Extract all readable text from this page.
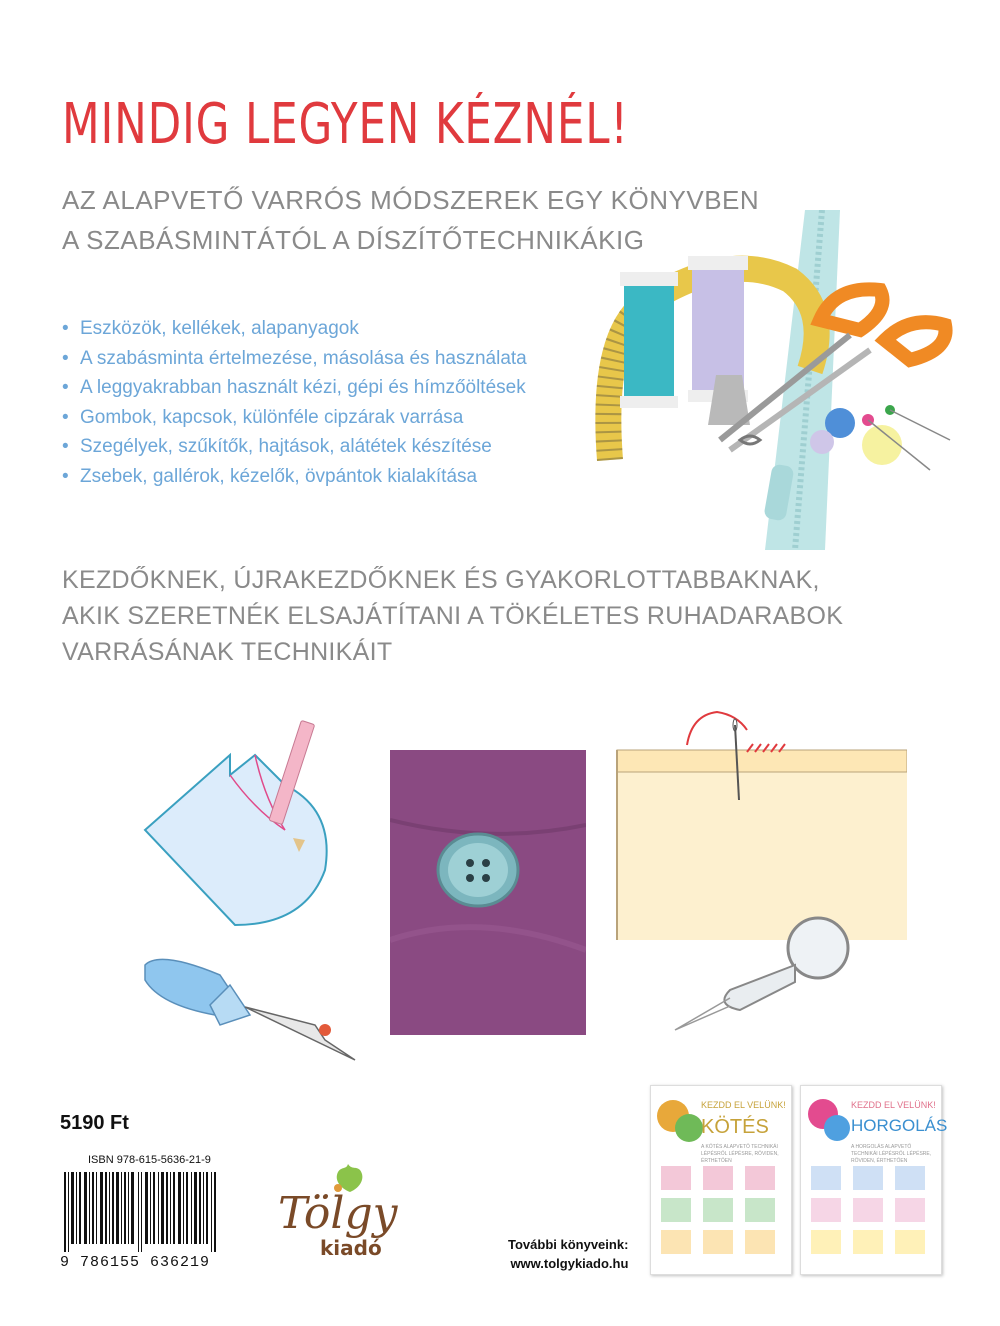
MINDIG LEGYEN KÉZNÉL!
AZ ALAPVETŐ VARRÓS MÓDSZEREK EGY KÖNYVBEN
A SZABÁSMINTÁTÓL A DÍSZÍTŐTECHNIKÁKIG
• Eszközök, kellékek, alapanyagok
• A szabásminta értelmezése, másolása és használata
• A leggyakrabban használt kézi, gépi és hímzőöltések
• Gombok, kapcsok, különféle cipzárak varrása
• Szegélyek, szűkítők, hajtások, alátétek készítése
• Zsebek, gallérok, kézelők, övpántok kialakítása
KEZDŐKNEK, ÚJRAKEZDŐKNEK ÉS GYAKORLOTTABBAKNAK,
AKIK SZERETNÉK ELSAJÁTÍTANI A TÖKÉLETES RUHADARABOK
VARRÁSÁNAK TECHNIKÁIT
5190 Ft
ISBN 978-615-5636-21-9
9 786155 636219
Tölgy
kiadó	További könyveink:
www.tolgykiado.hu
KEZDD EL VELÜNK!
KÖTÉS
A KÖTÉS ALAPVETŐ TECHNIKÁI LÉPÉSRŐL LÉPÉSRE, RÖVIDEN, ÉRTHETŐEN
KEZDD EL VELÜNK!
HORGOLÁS
A HORGOLÁS ALAPVETŐ TECHNIKÁI LÉPÉSRŐL LÉPÉSRE, RÖVIDEN, ÉRTHETŐEN
